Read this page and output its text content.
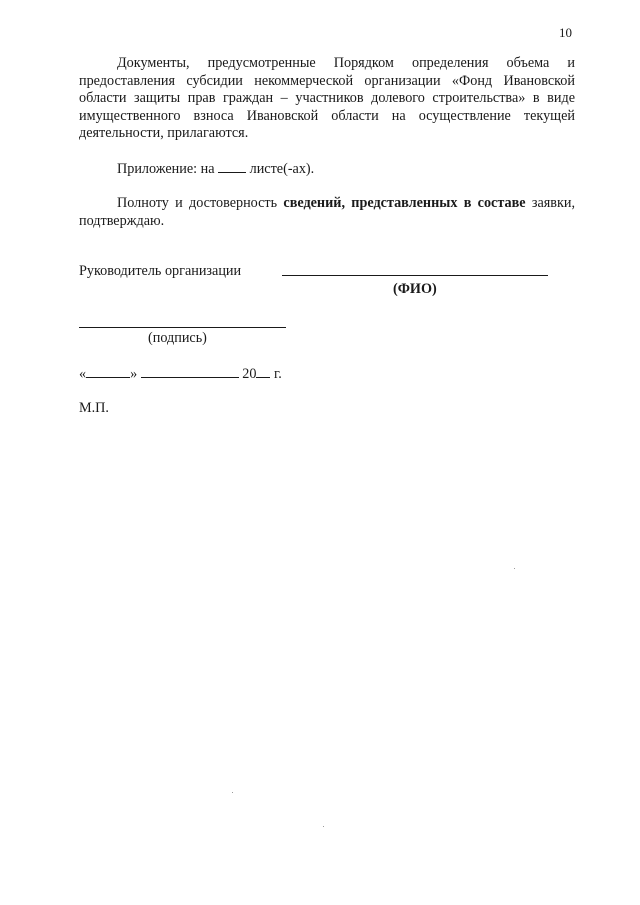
10
Документы, предусмотренные Порядком определения объема и предоставления субсидии некоммерческой организации «Фонд Ивановской области защиты прав граждан – участников долевого строительства» в виде имущественного взноса Ивановской области на осуществление текущей деятельности, прилагаются.
Приложение: на листе(-ах).
Полноту и достоверность сведений, представленных в составе заявки, подтверждаю.
Руководитель организации
(ФИО)
(подпись)
«	»	20 г.
М.П.
